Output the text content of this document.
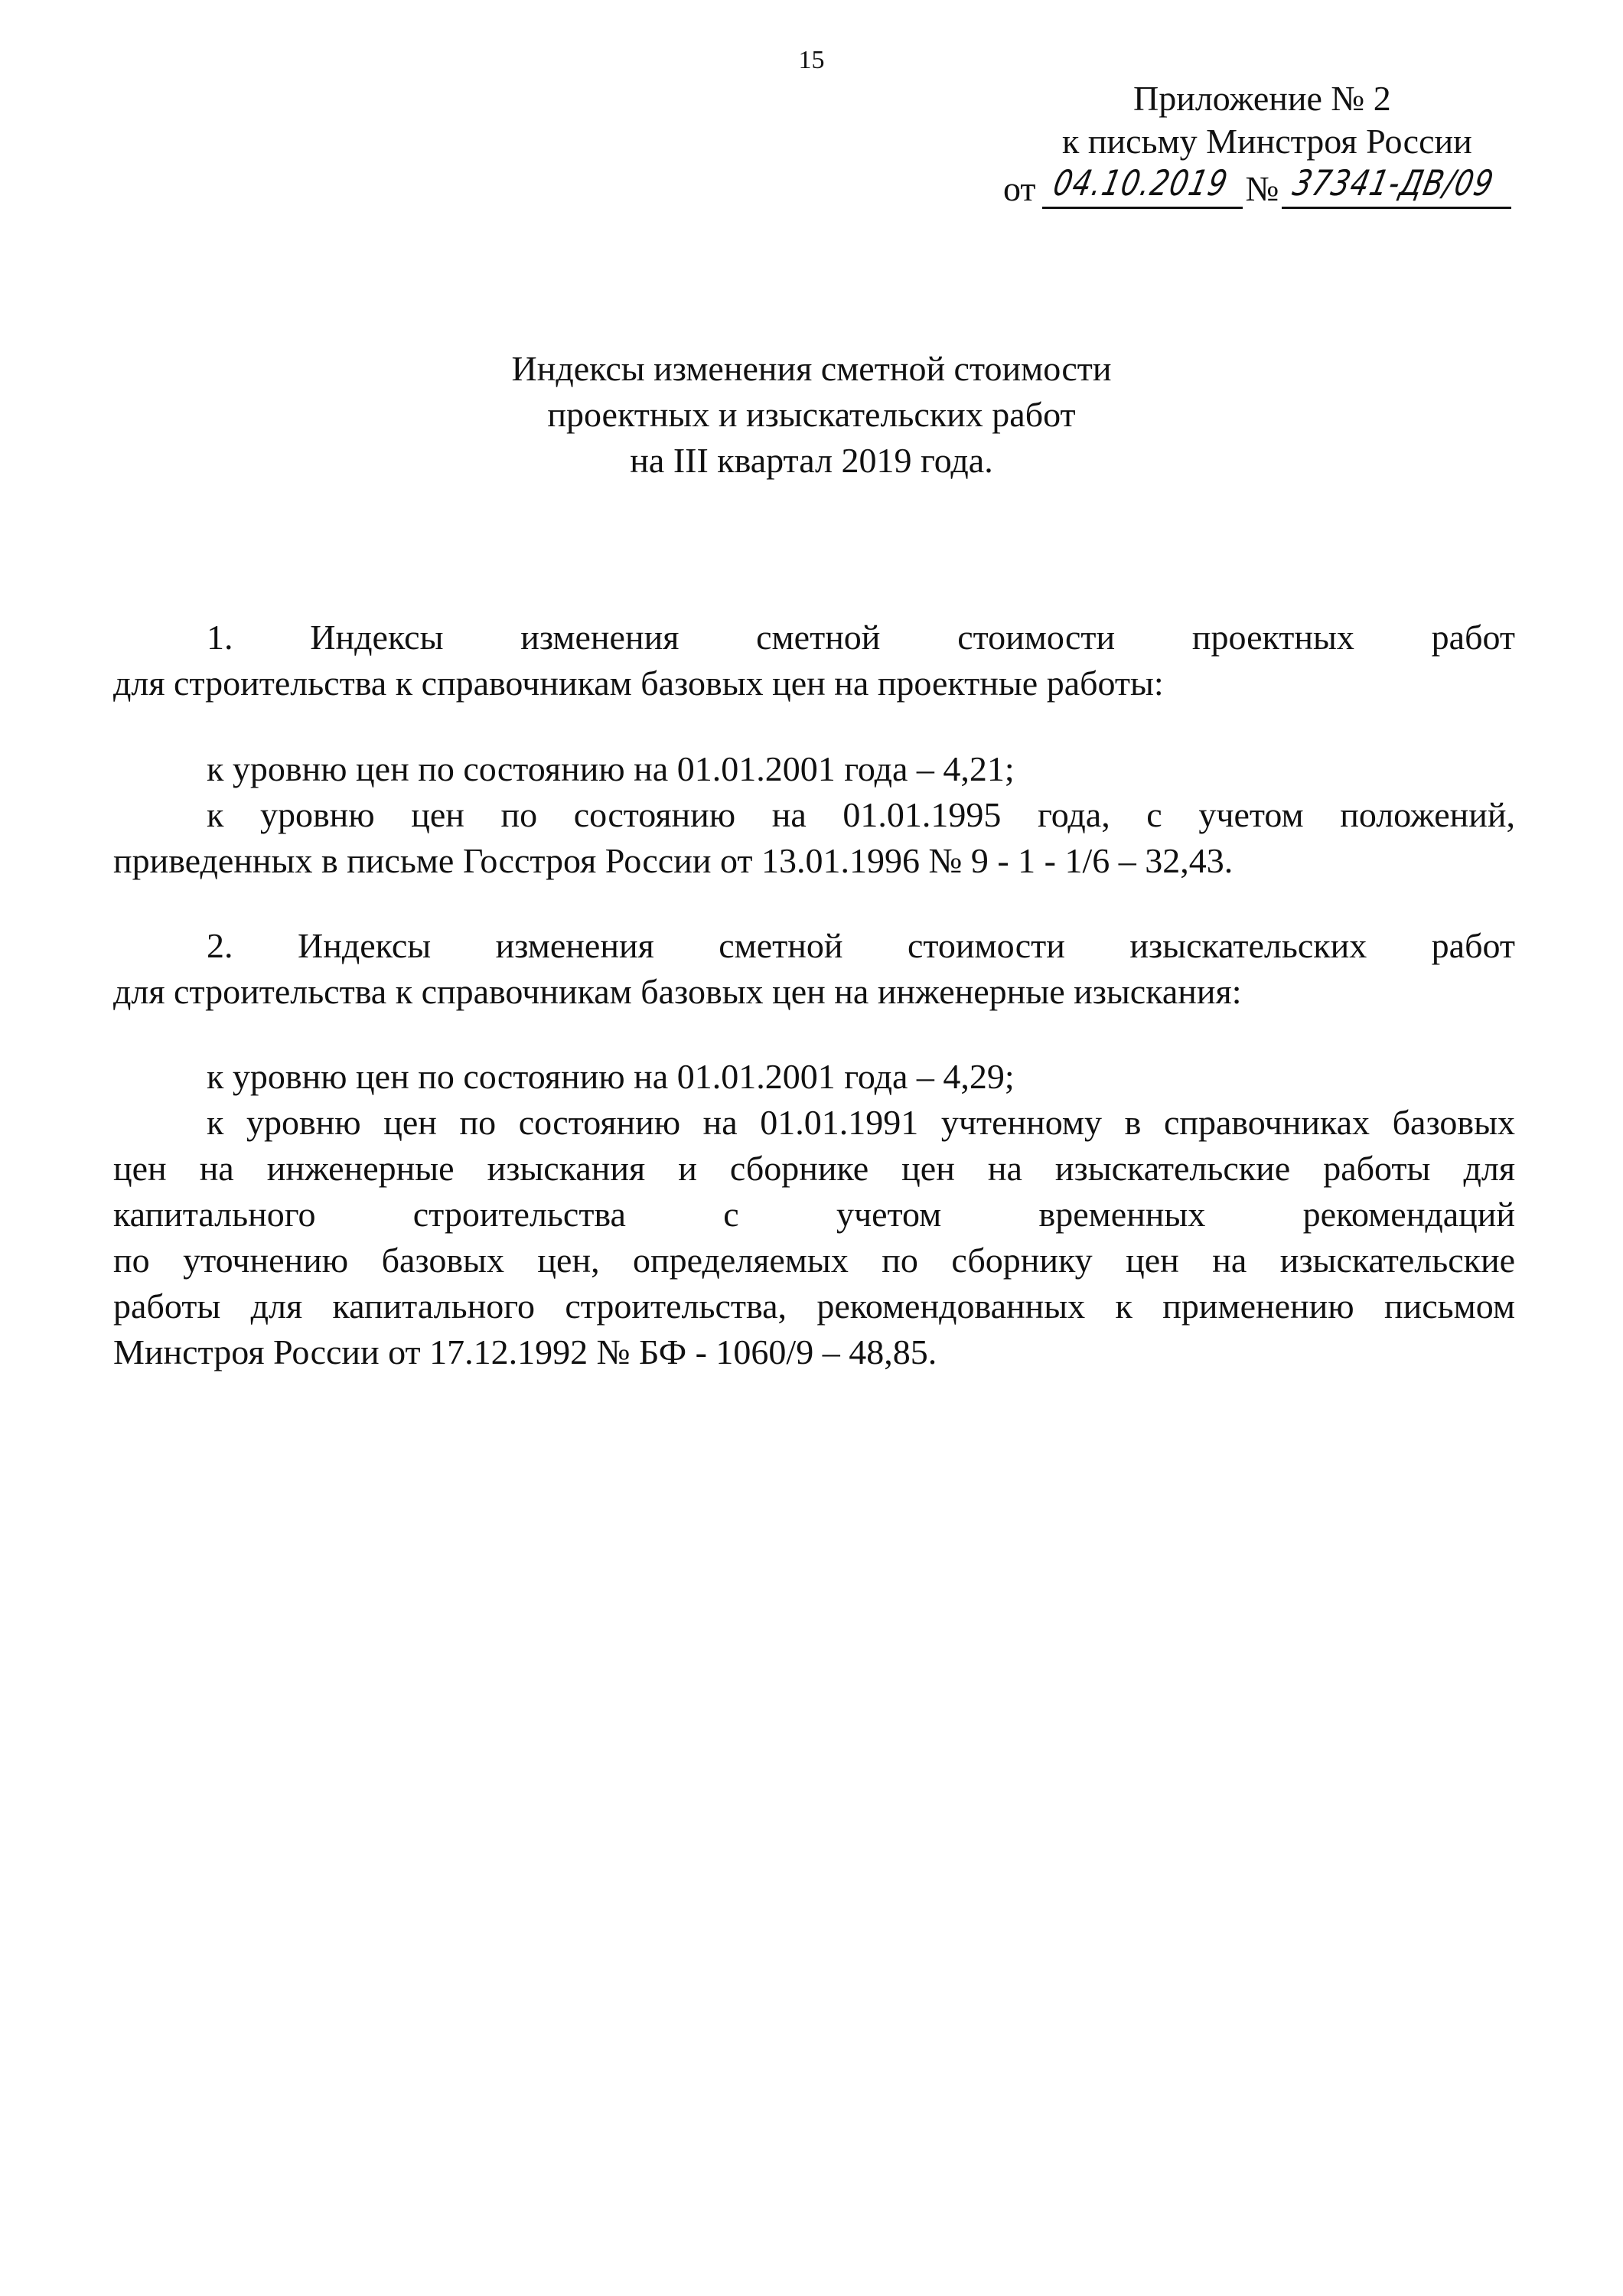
15
Приложение № 2
к письму Минстроя России
от 04.10.2019 № 37341-ДВ/09
Индексы изменения сметной стоимости
проектных и изыскательских работ
на III квартал 2019 года.
1. Индексы изменения сметной стоимости проектных работ
для строительства к справочникам базовых цен на проектные работы:
к уровню цен по состоянию на 01.01.2001 года – 4,21;
к уровню цен по состоянию на 01.01.1995 года, с учетом положений,
приведенных в письме Госстроя России от 13.01.1996 № 9 - 1 - 1/6 – 32,43.
2. Индексы изменения сметной стоимости изыскательских работ
для строительства к справочникам базовых цен на инженерные изыскания:
к уровню цен по состоянию на 01.01.2001 года – 4,29;
к уровню цен по состоянию на 01.01.1991 учтенному в справочниках базовых
цен на инженерные изыскания и сборнике цен на изыскательские работы для
капитального строительства с учетом временных рекомендаций
по уточнению базовых цен, определяемых по сборнику цен на изыскательские
работы для капитального строительства, рекомендованных к применению письмом
Минстроя России от 17.12.1992 № БФ - 1060/9 – 48,85.
